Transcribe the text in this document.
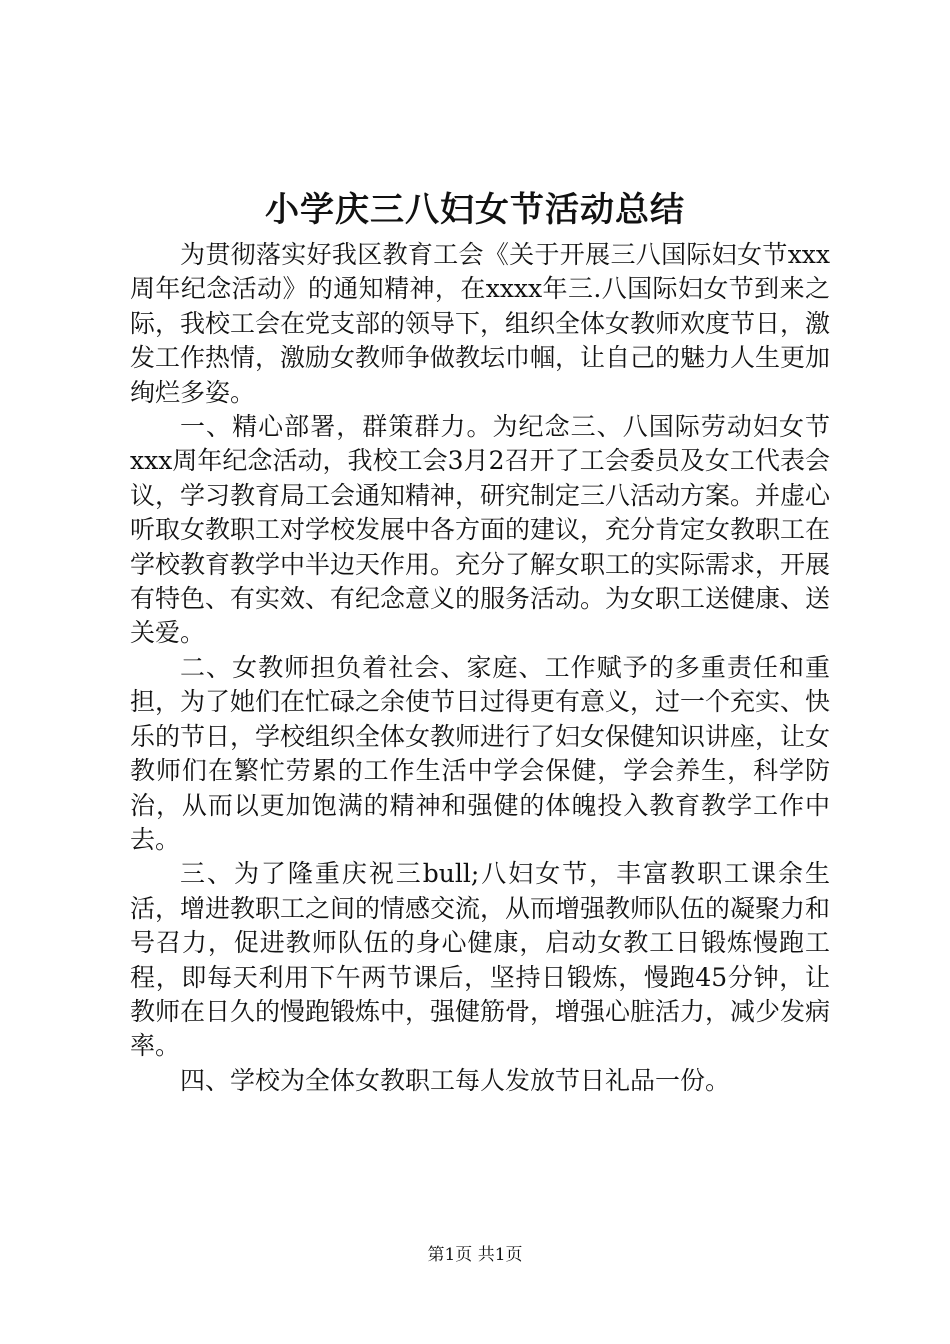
小学庆三八妇女节活动总结

为贯彻落实好我区教育工会《关于开展三八国际妇女节xxx周年纪念活动》的通知精神，在xxxx年三.八国际妇女节到来之际，我校工会在党支部的领导下，组织全体女教师欢度节日，激发工作热情，激励女教师争做教坛巾帼，让自己的魅力人生更加绚烂多姿。

一、精心部署，群策群力。为纪念三、八国际劳动妇女节xxx周年纪念活动，我校工会3月2召开了工会委员及女工代表会议，学习教育局工会通知精神，研究制定三八活动方案。并虚心听取女教职工对学校发展中各方面的建议，充分肯定女教职工在学校教育教学中半边天作用。充分了解女职工的实际需求，开展有特色、有实效、有纪念意义的服务活动。为女职工送健康、送关爱。

二、女教师担负着社会、家庭、工作赋予的多重责任和重担，为了她们在忙碌之余使节日过得更有意义，过一个充实、快乐的节日，学校组织全体女教师进行了妇女保健知识讲座，让女教师们在繁忙劳累的工作生活中学会保健，学会养生，科学防治，从而以更加饱满的精神和强健的体魄投入教育教学工作中去。

三、为了隆重庆祝三bull;八妇女节，丰富教职工课余生活，增进教职工之间的情感交流，从而增强教师队伍的凝聚力和号召力，促进教师队伍的身心健康，启动女教工日锻炼慢跑工程，即每天利用下午两节课后，坚持日锻炼，慢跑45分钟，让教师在日久的慢跑锻炼中，强健筋骨，增强心脏活力，减少发病率。

四、学校为全体女教职工每人发放节日礼品一份。

第1页 共1页
